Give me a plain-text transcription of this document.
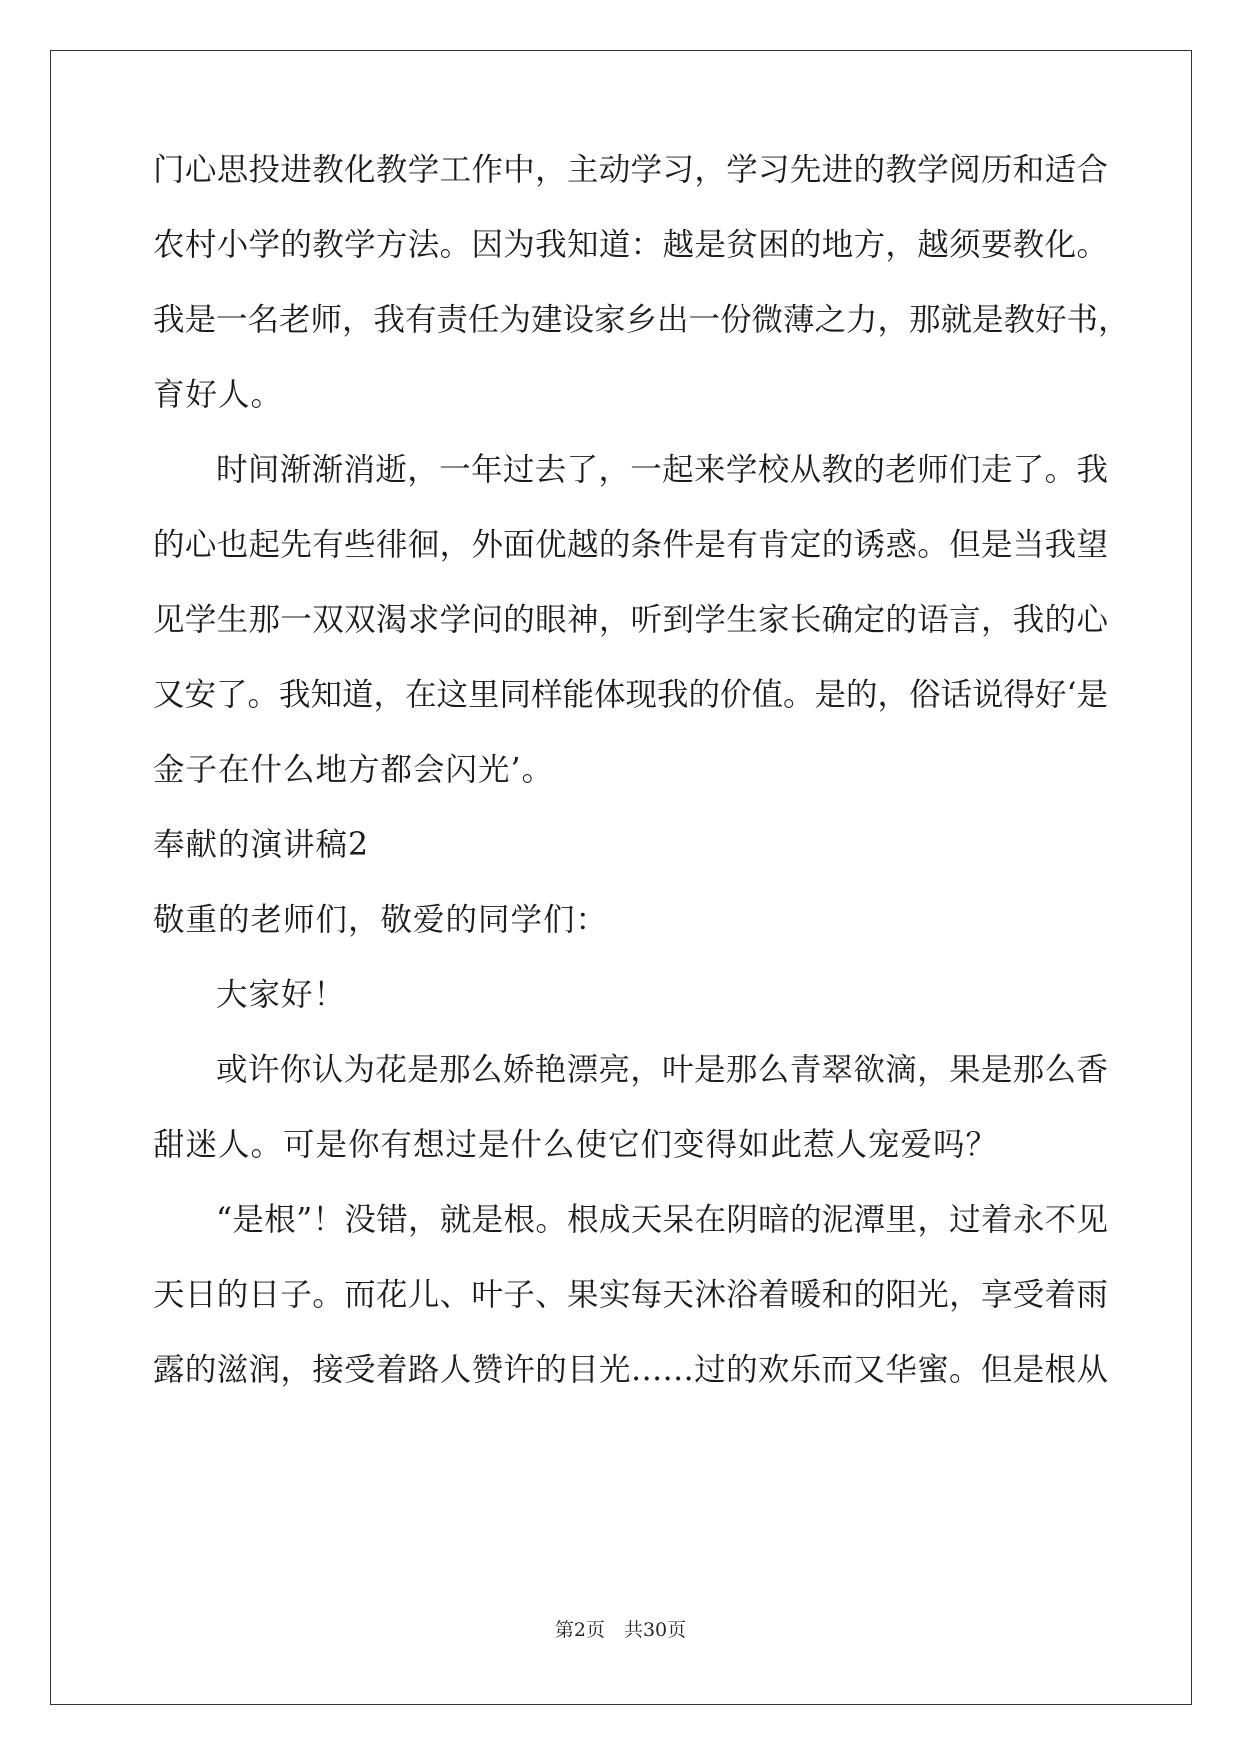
门心思投进教化教学工作中，主动学习，学习先进的教学阅历和适合

农村小学的教学方法。因为我知道：越是贫困的地方，越须要教化。

我是一名老师，我有责任为建设家乡出一份微薄之力，那就是教好书，

育好人。

时间渐渐消逝，一年过去了，一起来学校从教的老师们走了。我

的心也起先有些徘徊，外面优越的条件是有肯定的诱惑。但是当我望

见学生那一双双渴求学问的眼神，听到学生家长确定的语言，我的心

又安了。我知道，在这里同样能体现我的价值。是的，俗话说得好‘是

金子在什么地方都会闪光’。

奉献的演讲稿2

敬重的老师们，敬爱的同学们：

大家好！

或许你认为花是那么娇艳漂亮，叶是那么青翠欲滴，果是那么香

甜迷人。可是你有想过是什么使它们变得如此惹人宠爱吗？

“是根”！没错，就是根。根成天呆在阴暗的泥潭里，过着永不见

天日的日子。而花儿、叶子、果实每天沐浴着暖和的阳光，享受着雨

露的滋润，接受着路人赞许的目光……过的欢乐而又华蜜。但是根从

第2页　共30页
